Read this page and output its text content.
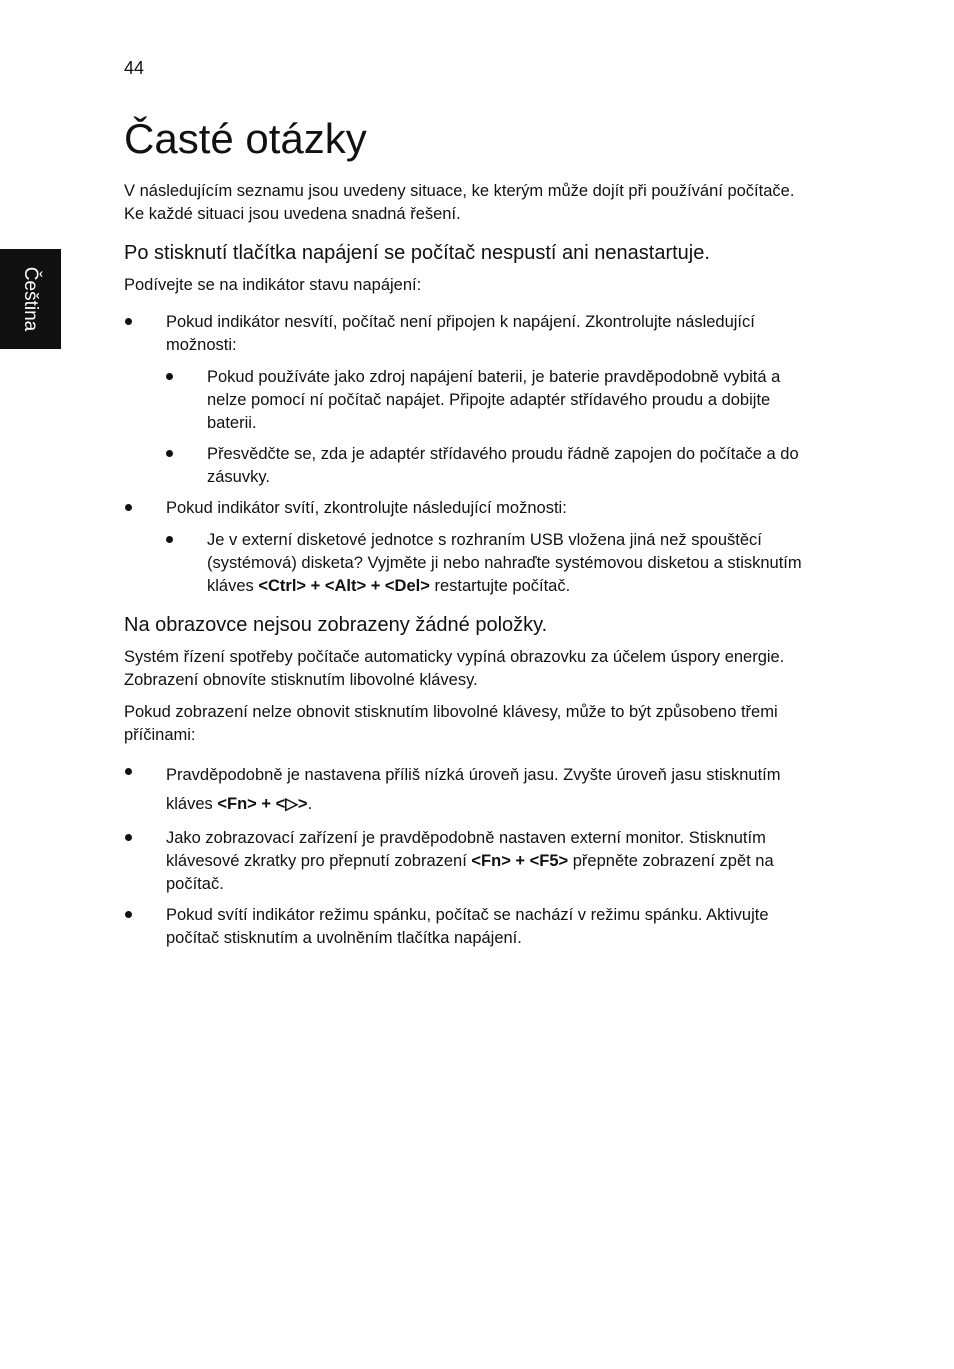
44
Čeština
Časté otázky

V následujícím seznamu jsou uvedeny situace, ke kterým může dojít při používání počítače. Ke každé situaci jsou uvedena snadná řešení.

Po stisknutí tlačítka napájení se počítač nespustí ani nenastartuje.

Podívejte se na indikátor stavu napájení:

Pokud indikátor nesvítí, počítač není připojen k napájení. Zkontrolujte následující možnosti:
Pokud používáte jako zdroj napájení baterii, je baterie pravděpodobně vybitá a nelze pomocí ní počítač napájet. Připojte adaptér střídavého proudu a dobijte baterii.
Přesvědčte se, zda je adaptér střídavého proudu řádně zapojen do počítače a do zásuvky.
Pokud indikátor svítí, zkontrolujte následující možnosti:
Je v externí disketové jednotce s rozhraním USB vložena jiná než spouštěcí (systémová) disketa? Vyjměte ji nebo nahraďte systémovou disketou a stisknutím kláves <Ctrl> + <Alt> + <Del> restartujte počítač.
Na obrazovce nejsou zobrazeny žádné položky.

Systém řízení spotřeby počítače automaticky vypíná obrazovku za účelem úspory energie. Zobrazení obnovíte stisknutím libovolné klávesy.

Pokud zobrazení nelze obnovit stisknutím libovolné klávesy, může to být způsobeno třemi příčinami:

Pravděpodobně je nastavena příliš nízká úroveň jasu. Zvyšte úroveň jasu stisknutím kláves <Fn> + <▷>.
Jako zobrazovací zařízení je pravděpodobně nastaven externí monitor. Stisknutím klávesové zkratky pro přepnutí zobrazení <Fn> + <F5> přepněte zobrazení zpět na počítač.
Pokud svítí indikátor režimu spánku, počítač se nachází v režimu spánku. Aktivujte počítač stisknutím a uvolněním tlačítka napájení.
